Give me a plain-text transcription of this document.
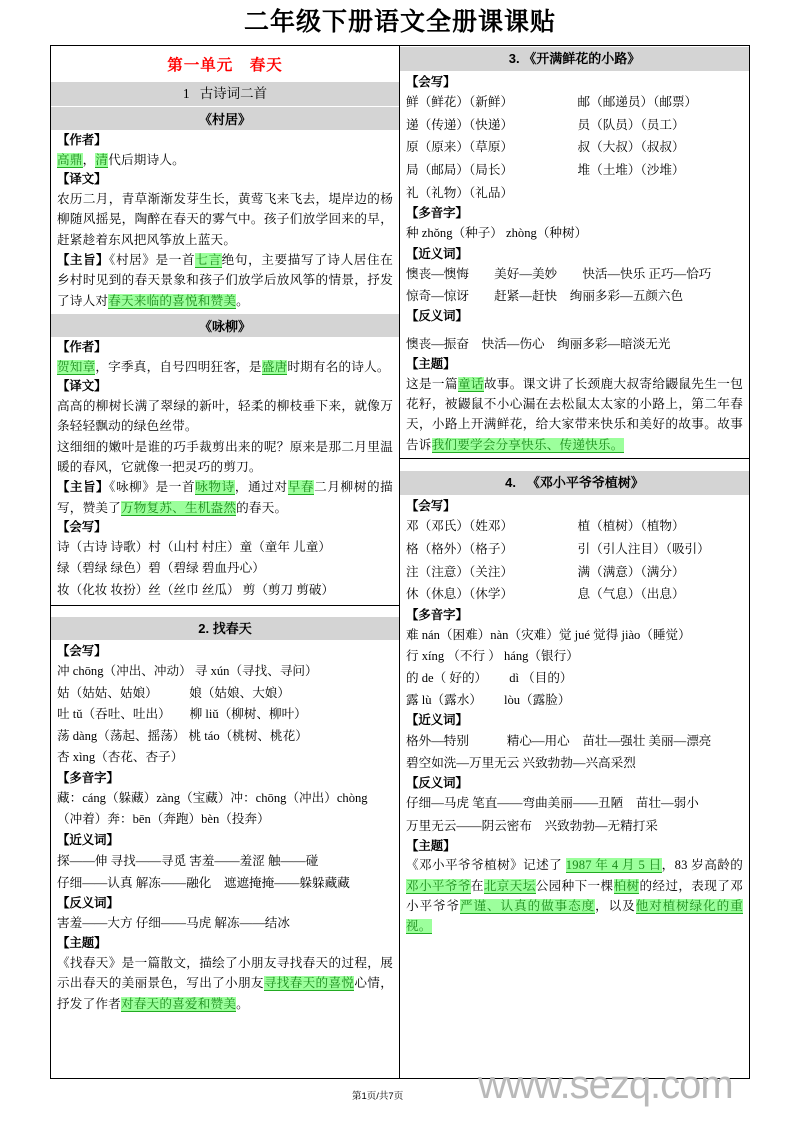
二年级下册语文全册课课贴
第一单元　春天
1 古诗词二首
《村居》
【作者】

高鼎，清代后期诗人。

【译文】

农历二月，青草渐渐发芽生长，黄莺飞来飞去，堤岸边的杨柳随风摇晃，陶醉在春天的雾气中。孩子们放学回来的早，赶紧趁着东风把风筝放上蓝天。

【主旨】《村居》是一首七言绝句，主要描写了诗人居住在乡村时见到的春天景象和孩子们放学后放风筝的情景，抒发了诗人对春天来临的喜悦和赞美。

《咏柳》
【作者】

贺知章，字季真，自号四明狂客，是盛唐时期有名的诗人。

【译文】

高高的柳树长满了翠绿的新叶，轻柔的柳枝垂下来，就像万条轻轻飘动的绿色丝带。

这细细的嫩叶是谁的巧手裁剪出来的呢？原来是那二月里温暖的春风，它就像一把灵巧的剪刀。

【主旨】《咏柳》是一首咏物诗，通过对早春二月柳树的描写，赞美了万物复苏、生机盎然的春天。

【会写】
诗（古诗 诗歌）村（山村 村庄）童（童年 儿童）
绿（碧绿 绿色）碧（碧绿 碧血丹心）
妆（化妆 妆扮）丝（丝巾 丝瓜） 剪（剪刀 剪破）
2. 找春天
【会写】
冲 chōng（冲出、冲动） 寻 xún（寻找、寻问）
姑（姑姑、姑娘）　　　娘（姑娘、大娘）
吐 tǔ（吞吐、吐出）　　柳 liǔ（柳树、柳叶）
荡 dàng（荡起、摇荡） 桃 táo（桃树、桃花）
杏 xìng（杏花、杏子）
【多音字】
藏：cáng（躲藏）zàng（宝藏）冲：chōng（冲出）chòng
（冲着）奔：bēn（奔跑）bèn（投奔）
【近义词】
探——伸 寻找——寻觅 害羞——羞涩 触——碰
仔细——认真 解冻——融化　遮遮掩掩——躲躲藏藏
【反义词】
害羞——大方 仔细——马虎 解冻——结冰
【主题】

《找春天》是一篇散文，描绘了小朋友寻找春天的过程，展示出春天的美丽景色，写出了小朋友寻找春天的喜悦心情，抒发了作者对春天的喜爱和赞美。

3. 《开满鲜花的小路》
【会写】
鲜（鲜花）（新鲜）	邮（邮递员）（邮票）
递（传递）（快递）	员（队员）（员工）
原（原来）（草原）	叔（大叔）（叔叔）
局（邮局）（局长）	堆（土堆）（沙堆）
礼（礼物）（礼品）
【多音字】
种 zhǒng（种子） zhòng（种树）
【近义词】
懊丧—懊悔　　美好—美妙　　快活—快乐 正巧—恰巧
惊奇—惊讶　　赶紧—赶快　绚丽多彩—五颜六色
【反义词】
懊丧—振奋　快活—伤心　绚丽多彩—暗淡无光
【主题】

这是一篇童话故事。课文讲了长颈鹿大叔寄给鼹鼠先生一包花籽，被鼹鼠不小心漏在去松鼠太太家的小路上，第二年春天，小路上开满鲜花，给大家带来快乐和美好的故事。故事告诉我们要学会分享快乐、传递快乐。

4. 《邓小平爷爷植树》
【会写】
邓（邓氏）（姓邓）	植（植树）（植物）
格（格外）（格子）	引（引人注目）（吸引）
注（注意）（关注）	满（满意）（满分）
休（休息）（休学）	息（气息）（出息）
【多音字】
难 nán（困难）nàn（灾难）觉 jué 觉得 jiào（睡觉）
行 xíng （不行 ） háng（银行）
的 de（ 好的）　　 dì （目的）
露 lù（露水）　　 lòu（露脸）
【近义词】
格外—特别　　　精心—用心　苗壮—强壮 美丽—漂亮
碧空如洗—万里无云 兴致勃勃—兴高采烈
【反义词】
仔细—马虎 笔直——弯曲美丽——丑陋　苗壮—弱小
万里无云——阴云密布　兴致勃勃—无精打采
【主题】

《邓小平爷爷植树》记述了 1987 年 4 月 5 日，83 岁高龄的邓小平爷爷在北京天坛公园种下一棵柏树的经过，表现了邓小平爷爷严谨、认真的做事态度，以及他对植树绿化的重视。

第1页/共7页 www.sezq.com
